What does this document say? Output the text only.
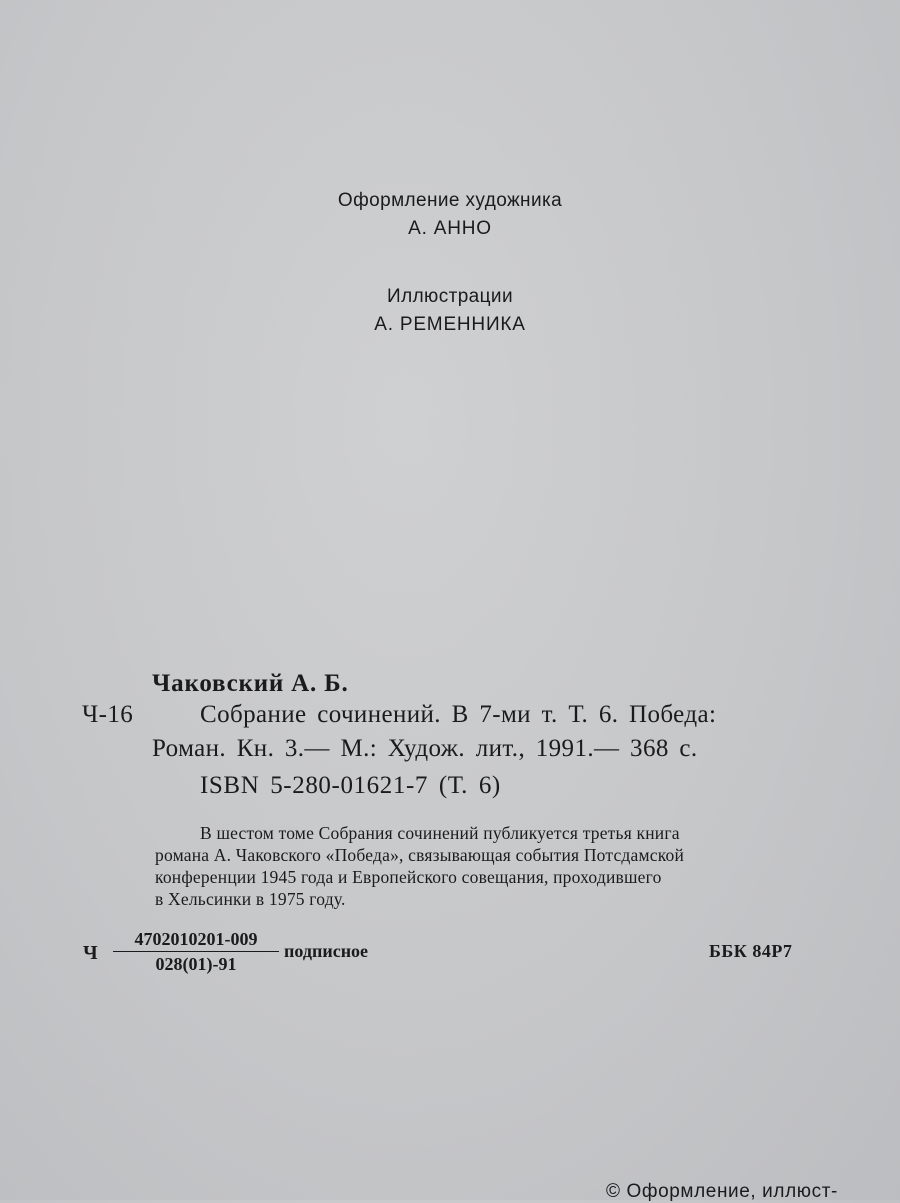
Оформление художника
А. АННО
Иллюстрации
А. РЕМЕННИКА
Чаковский А. Б.
Ч-16	Собрание сочинений. В 7-ми т. Т. 6. Победа:
Роман. Кн. 3.— М.: Худож. лит., 1991.— 368 с.
ISBN 5-280-01621-7 (Т. 6)
В шестом томе Собрания сочинений публикуется третья книга
романа А. Чаковского «Победа», связывающая события Потсдамской
конференции 1945 года и Европейского совещания, проходившего
в Хельсинки в 1975 году.
Ч $\frac{4702010201-009}{028(01)-91}$ подписное	ББК 84Р7
© Оформление, иллюст-
